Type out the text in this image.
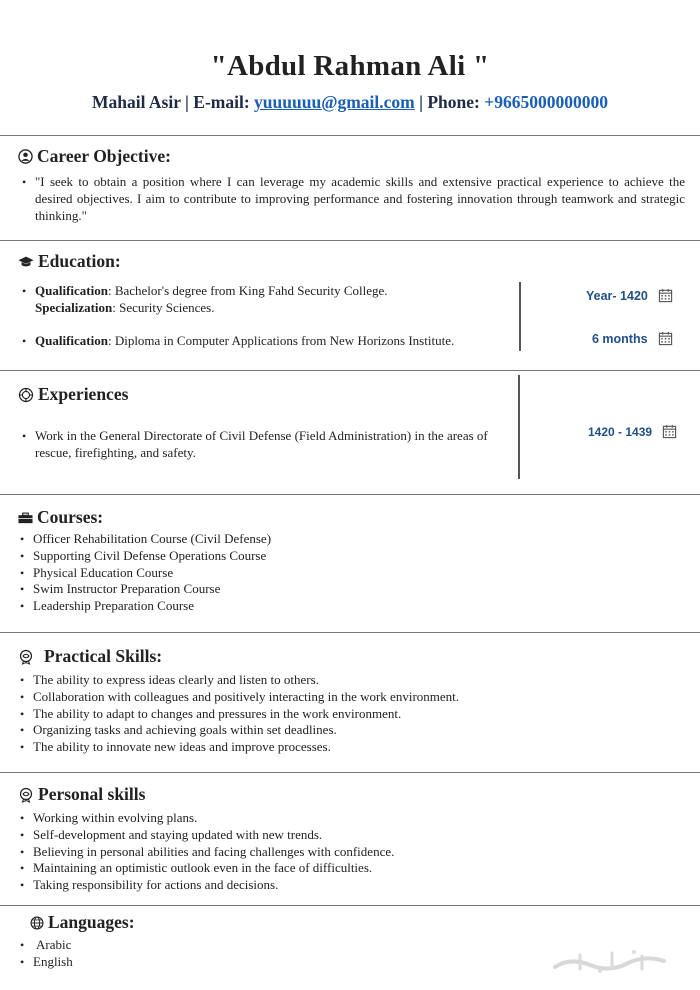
"Abdul Rahman Ali "
Mahail Asir | E-mail: yuuuuuu@gmail.com | Phone: +9665000000000
Career Objective:
• "I seek to obtain a position where I can leverage my academic skills and extensive practical experience to achieve the desired objectives. I aim to contribute to improving performance and fostering innovation through teamwork and strategic thinking."
Education:
• Qualification: Bachelor's degree from King Fahd Security College.
Specialization: Security Sciences.
• Qualification: Diploma in Computer Applications from New Horizons Institute.
Year- 1420
6 months
Experiences
• Work in the General Directorate of Civil Defense (Field Administration) in the areas of rescue, firefighting, and safety.
1420 - 1439
Courses:
• Officer Rehabilitation Course (Civil Defense)
• Supporting Civil Defense Operations Course
• Physical Education Course
• Swim Instructor Preparation Course
• Leadership Preparation Course
Practical Skills:
• The ability to express ideas clearly and listen to others.
• Collaboration with colleagues and positively interacting in the work environment.
• The ability to adapt to changes and pressures in the work environment.
• Organizing tasks and achieving goals within set deadlines.
• The ability to innovate new ideas and improve processes.
Personal skills
• Working within evolving plans.
• Self-development and staying updated with new trends.
• Believing in personal abilities and facing challenges with confidence.
• Maintaining an optimistic outlook even in the face of difficulties.
• Taking responsibility for actions and decisions.
Languages:
• Arabic
• English
